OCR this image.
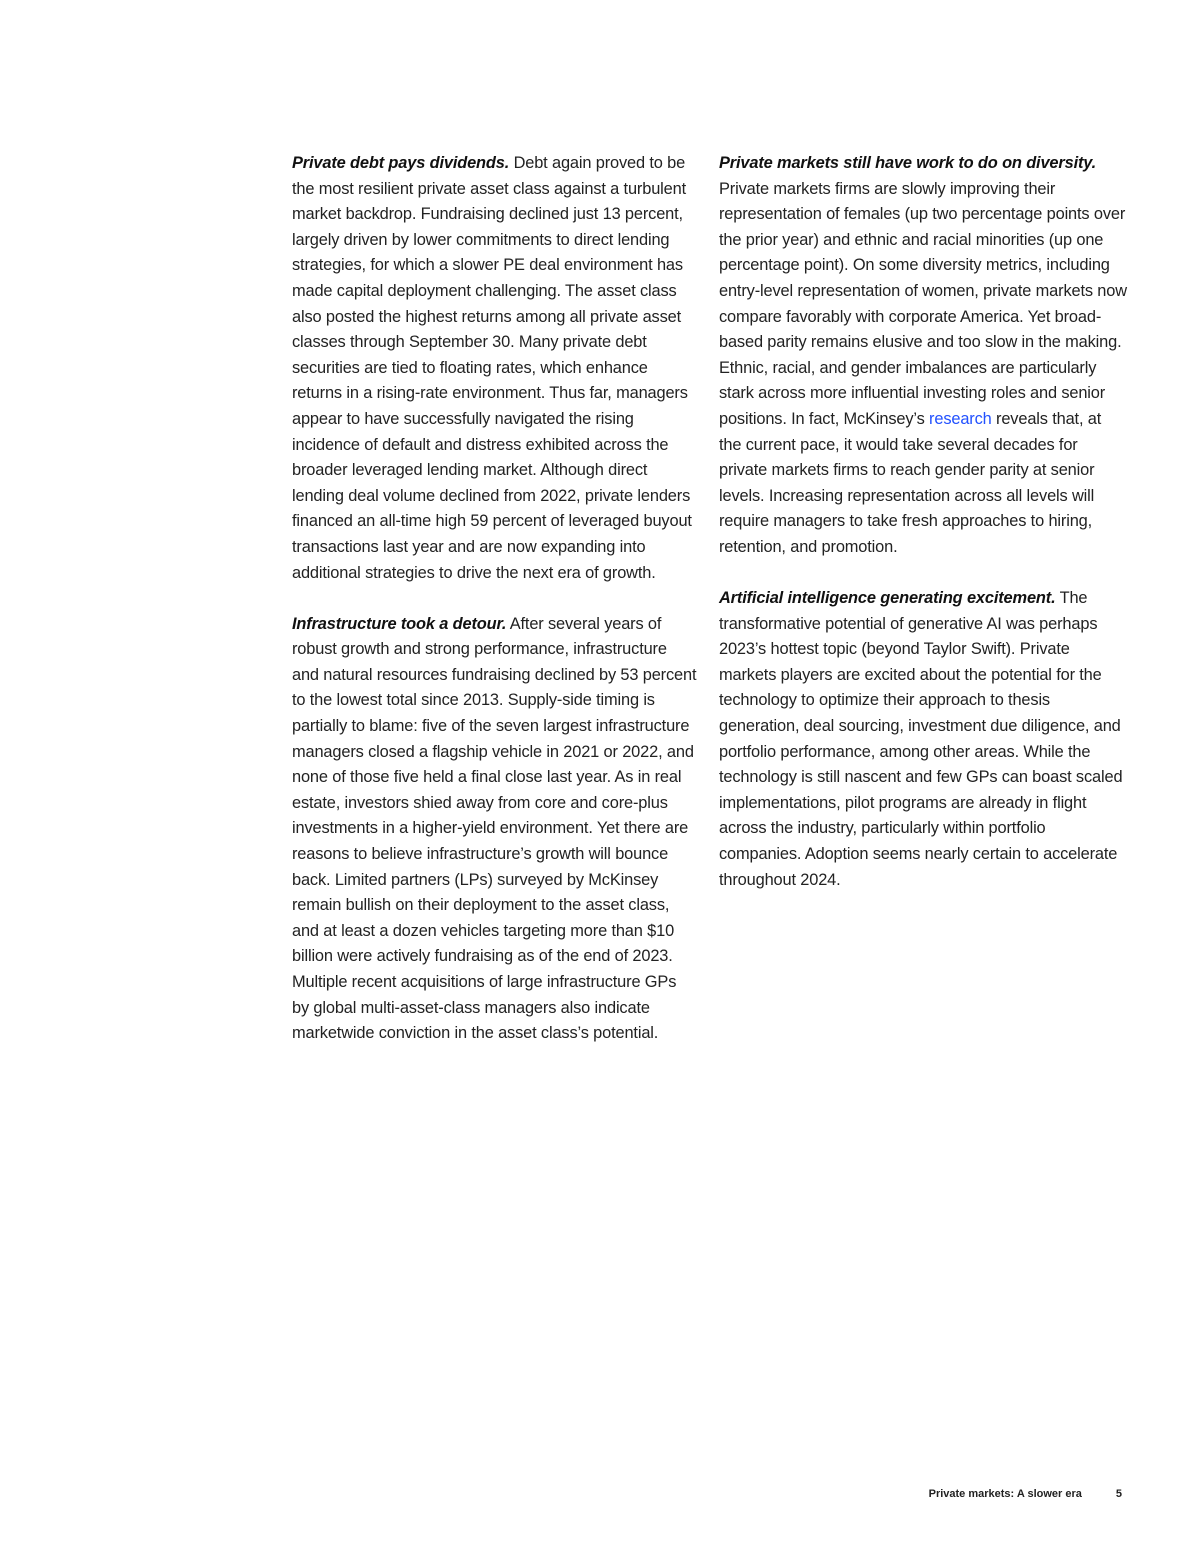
Private debt pays dividends. Debt again proved to be the most resilient private asset class against a turbulent market backdrop. Fundraising declined just 13 percent, largely driven by lower commitments to direct lending strategies, for which a slower PE deal environment has made capital deployment challenging. The asset class also posted the highest returns among all private asset classes through September 30. Many private debt securities are tied to floating rates, which enhance returns in a rising-rate environment. Thus far, managers appear to have successfully navigated the rising incidence of default and distress exhibited across the broader leveraged lending market. Although direct lending deal volume declined from 2022, private lenders financed an all-time high 59 percent of leveraged buyout transactions last year and are now expanding into additional strategies to drive the next era of growth.

Infrastructure took a detour. After several years of robust growth and strong performance, infrastructure and natural resources fundraising declined by 53 percent to the lowest total since 2013. Supply-side timing is partially to blame: five of the seven largest infrastructure managers closed a flagship vehicle in 2021 or 2022, and none of those five held a final close last year. As in real estate, investors shied away from core and core-plus investments in a higher-yield environment. Yet there are reasons to believe infrastructure’s growth will bounce back. Limited partners (LPs) surveyed by McKinsey remain bullish on their deployment to the asset class, and at least a dozen vehicles targeting more than $10 billion were actively fundraising as of the end of 2023. Multiple recent acquisitions of large infrastructure GPs by global multi-asset-class managers also indicate marketwide conviction in the asset class’s potential.

Private markets still have work to do on diversity. Private markets firms are slowly improving their representation of females (up two percentage points over the prior year) and ethnic and racial minorities (up one percentage point). On some diversity metrics, including entry-level representation of women, private markets now compare favorably with corporate America. Yet broad-based parity remains elusive and too slow in the making. Ethnic, racial, and gender imbalances are particularly stark across more influential investing roles and senior positions. In fact, McKinsey’s research reveals that, at the current pace, it would take several decades for private markets firms to reach gender parity at senior levels. Increasing representation across all levels will require managers to take fresh approaches to hiring, retention, and promotion.

Artificial intelligence generating excitement. The transformative potential of generative AI was perhaps 2023’s hottest topic (beyond Taylor Swift). Private markets players are excited about the potential for the technology to optimize their approach to thesis generation, deal sourcing, investment due diligence, and portfolio performance, among other areas. While the technology is still nascent and few GPs can boast scaled implementations, pilot programs are already in flight across the industry, particularly within portfolio companies. Adoption seems nearly certain to accelerate throughout 2024.

Private markets: A slower era	5
